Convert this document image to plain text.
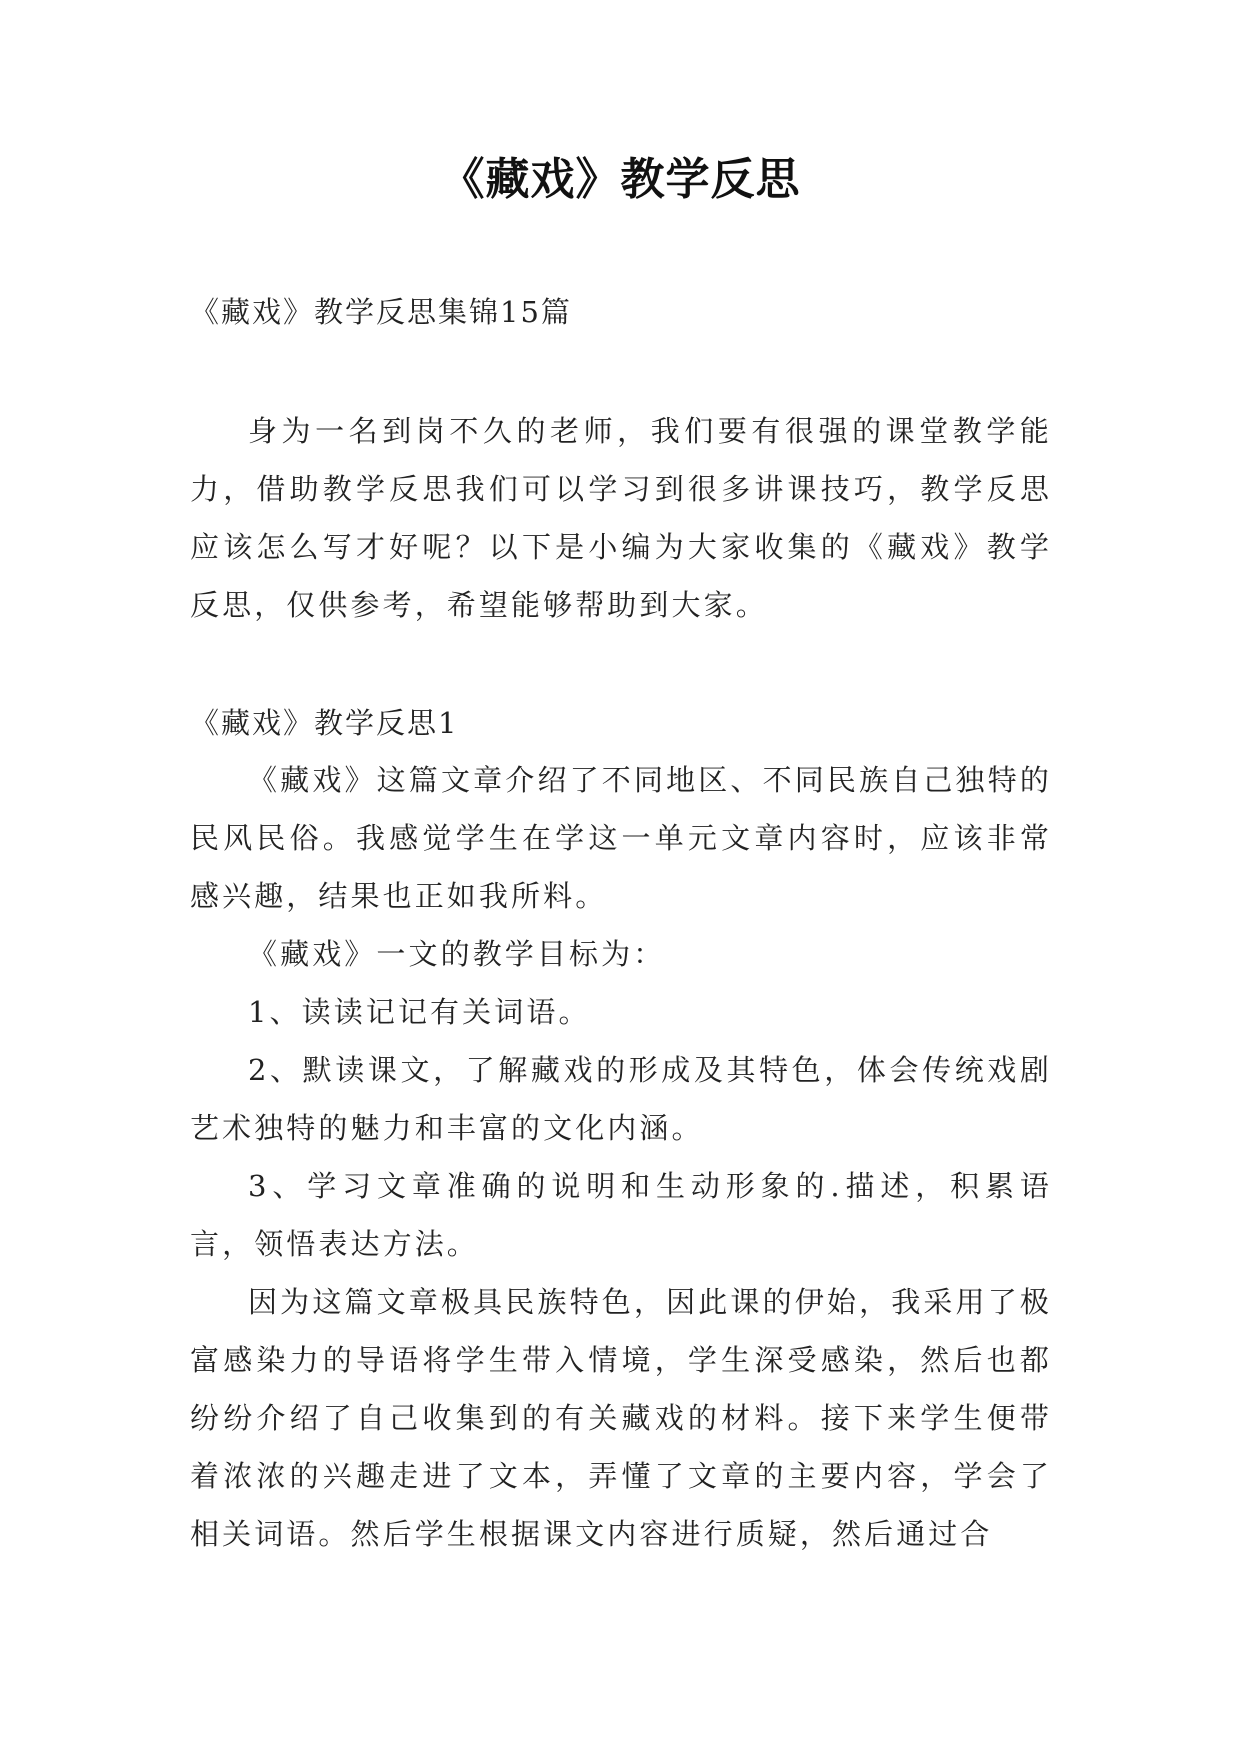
《藏戏》教学反思

《藏戏》教学反思集锦15篇

身为一名到岗不久的老师，我们要有很强的课堂教学能力，借助教学反思我们可以学习到很多讲课技巧，教学反思应该怎么写才好呢？以下是小编为大家收集的《藏戏》教学反思，仅供参考，希望能够帮助到大家。

《藏戏》教学反思1

《藏戏》这篇文章介绍了不同地区、不同民族自己独特的民风民俗。我感觉学生在学这一单元文章内容时，应该非常感兴趣，结果也正如我所料。

《藏戏》一文的教学目标为：

1、读读记记有关词语。

2、默读课文，了解藏戏的形成及其特色，体会传统戏剧艺术独特的魅力和丰富的文化内涵。

3、学习文章准确的说明和生动形象的.描述，积累语言，领悟表达方法。

因为这篇文章极具民族特色，因此课的伊始，我采用了极富感染力的导语将学生带入情境，学生深受感染，然后也都纷纷介绍了自己收集到的有关藏戏的材料。接下来学生便带着浓浓的兴趣走进了文本，弄懂了文章的主要内容，学会了相关词语。然后学生根据课文内容进行质疑，然后通过合
